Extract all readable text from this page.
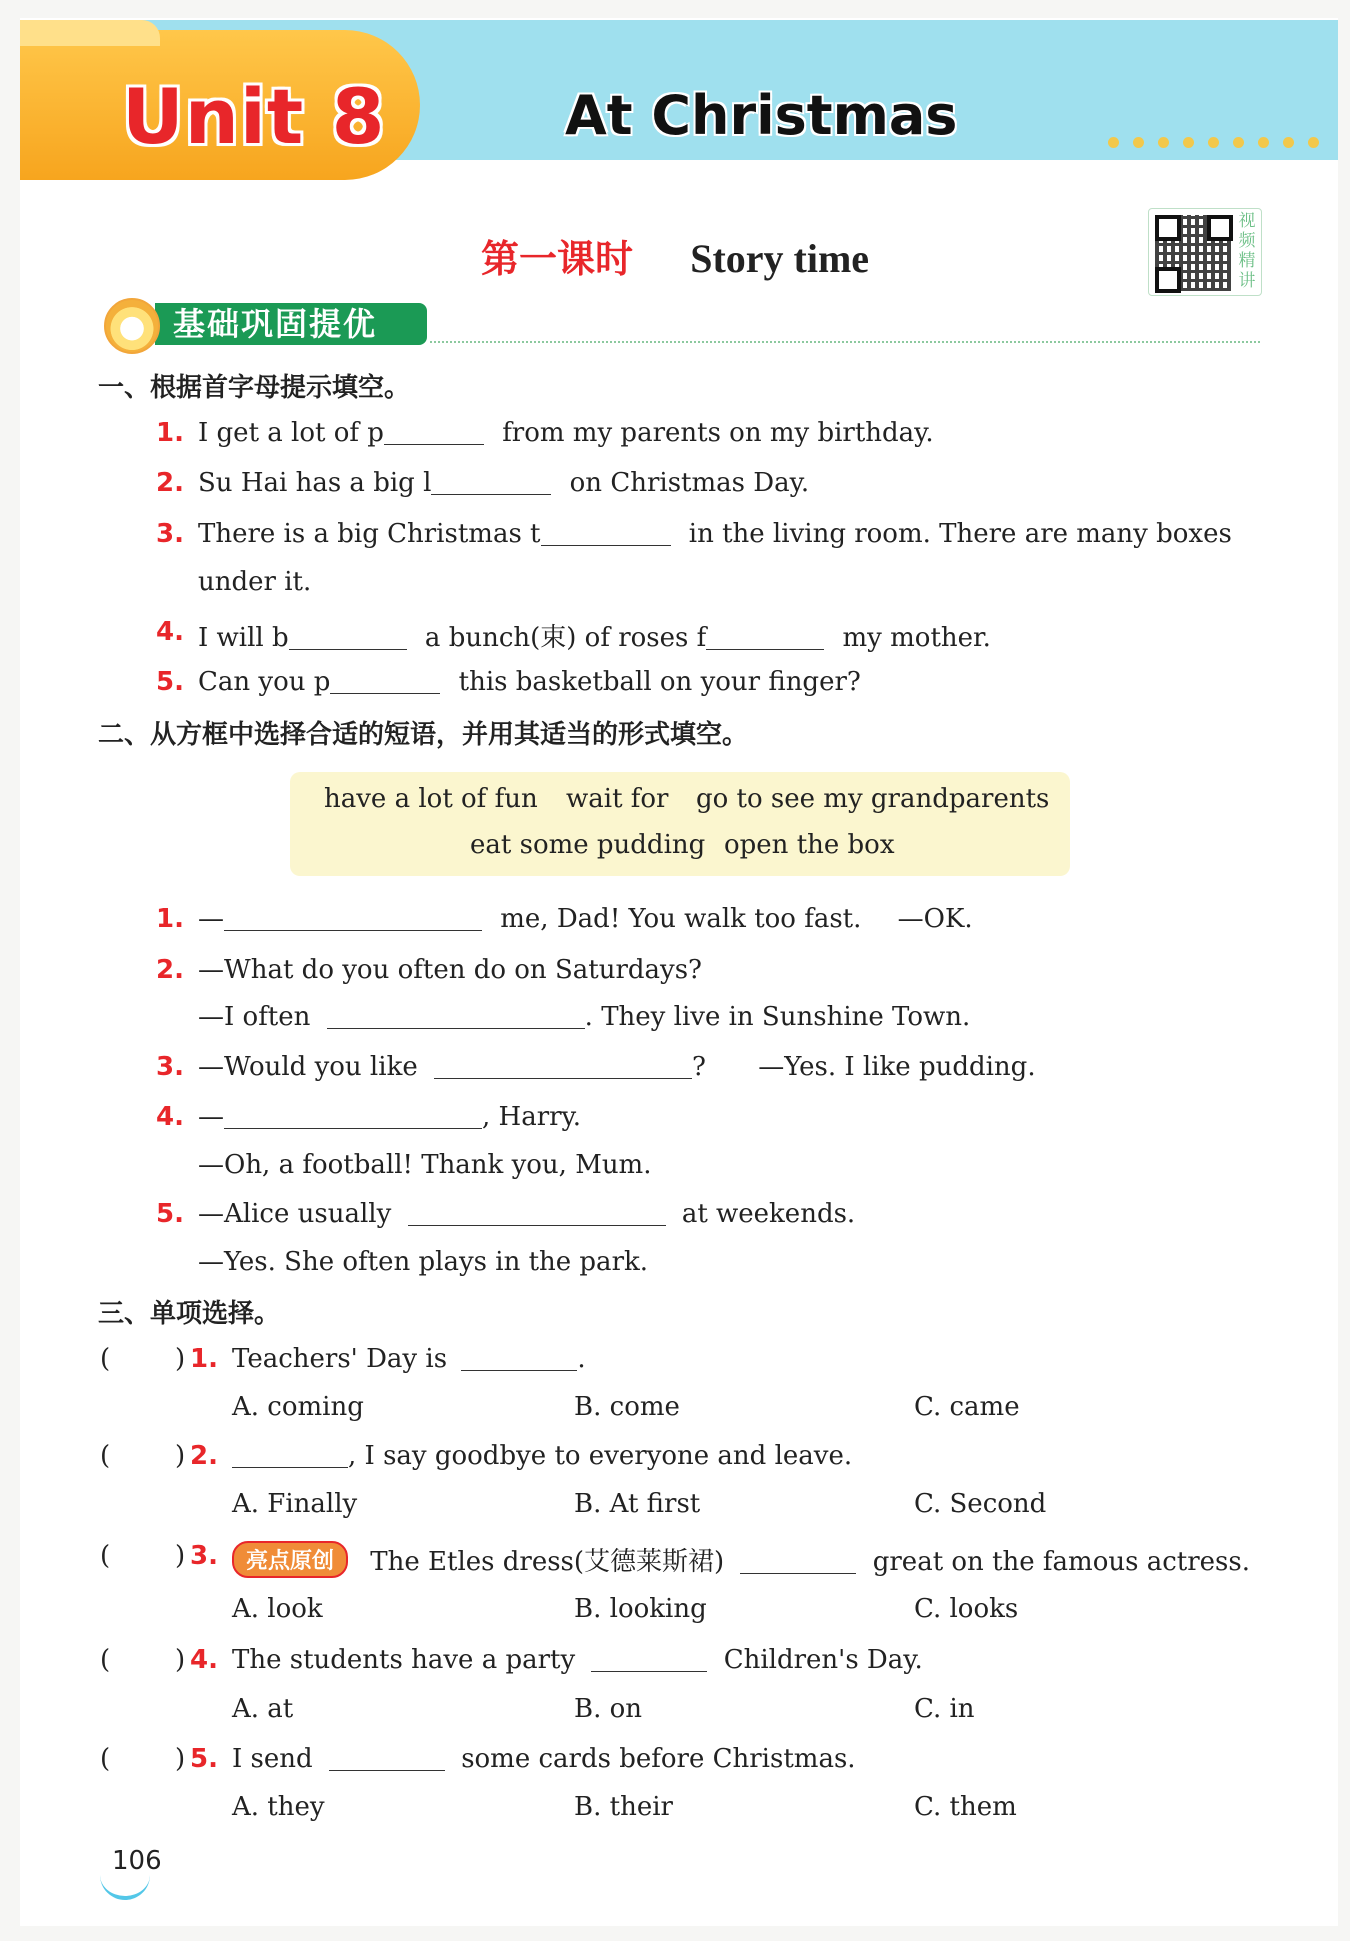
Unit 8	At Christmas
第一课时 Story time
视频精讲
基础巩固提优
一、根据首字母提示填空。
1. I get a lot of p	from my parents on my birthday.
2. Su Hai has a big l	on Christmas Day.
3. There is a big Christmas t	in the living room. There are many boxes
under it.
4. I will b	a bunch(束) of roses f	my mother.
5. Can you p	this basketball on your finger?
二、从方框中选择合适的短语，并用其适当的形式填空。
have a lot of fun wait for go to see my grandparents
eat some pudding open the box
1. —	me, Dad! You walk too fast. —OK.
2. —What do you often do on Saturdays?
—I often	. They live in Sunshine Town.
3. —Would you like	? —Yes. I like pudding.
4. —	, Harry.
—Oh, a football! Thank you, Mum.
5. —Alice usually	at weekends.
—Yes. She often plays in the park.
三、单项选择。
( ) 1. Teachers' Day is	.
A. coming	B. come	C. came
( ) 2.	, I say goodbye to everyone and leave.
A. Finally	B. At first	C. Second
( ) 3.	亮点原创 The Etles dress(艾德莱斯裙)	great on the famous actress.
A. look	B. looking	C. looks
( ) 4. The students have a party	Children's Day.
A. at	B. on	C. in
( ) 5. I send	some cards before Christmas.
A. they	B. their	C. them
106
